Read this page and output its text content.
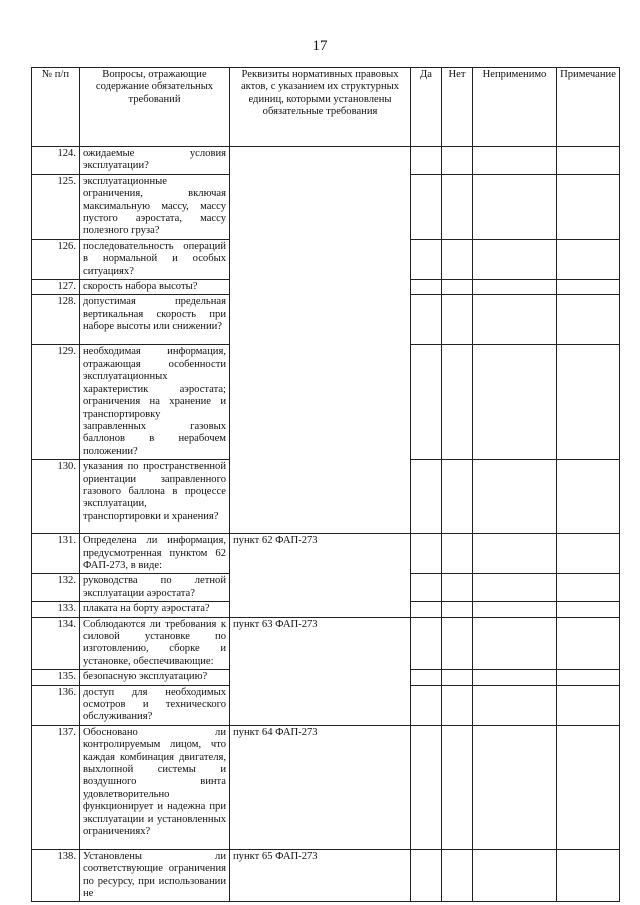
17
№ п/п	Вопросы, отражающие содержание обязательных требований	Реквизиты нормативных правовых актов, с указанием их структурных единиц, которыми установлены обязательные требования	Да	Нет	Неприменимо	Примечание
124.	ожидаемые условия эксплуатации?					
125.	эксплуатационные ограничения, включая максимальную массу, массу пустого аэростата, массу полезного груза?					
126.	последовательность операций в нормальной и особых ситуациях?					
127.	скорость набора высоты?					
128.	допустимая предельная вертикальная скорость при наборе высоты или снижении?					
129.	необходимая информация, отражающая особенности эксплуатационных характеристик аэростата; ограничения на хранение и транспортировку заправленных газовых баллонов в нерабочем положении?					
130.	указания по пространственной ориентации заправленного газового баллона в процессе эксплуатации, транспортировки и хранения?					
131.	Определена ли информация, предусмотренная пунктом 62 ФАП-273, в виде:	пункт 62 ФАП-273				
132.	руководства по летной эксплуатации аэростата?					
133.	плаката на борту аэростата?					
134.	Соблюдаются ли требования к силовой установке по изготовлению, сборке и установке, обеспечивающие:	пункт 63 ФАП-273				
135.	безопасную эксплуатацию?					
136.	доступ для необходимых осмотров и технического обслуживания?					
137.	Обосновано ли контролируемым лицом, что каждая комбинация двигателя, выхлопной системы и воздушного винта удовлетворительно функционирует и надежна при эксплуатации и установленных ограничениях?	пункт 64 ФАП-273				
138.	Установлены ли соответствующие ограничения по ресурсу, при использовании не	пункт 65 ФАП-273				
